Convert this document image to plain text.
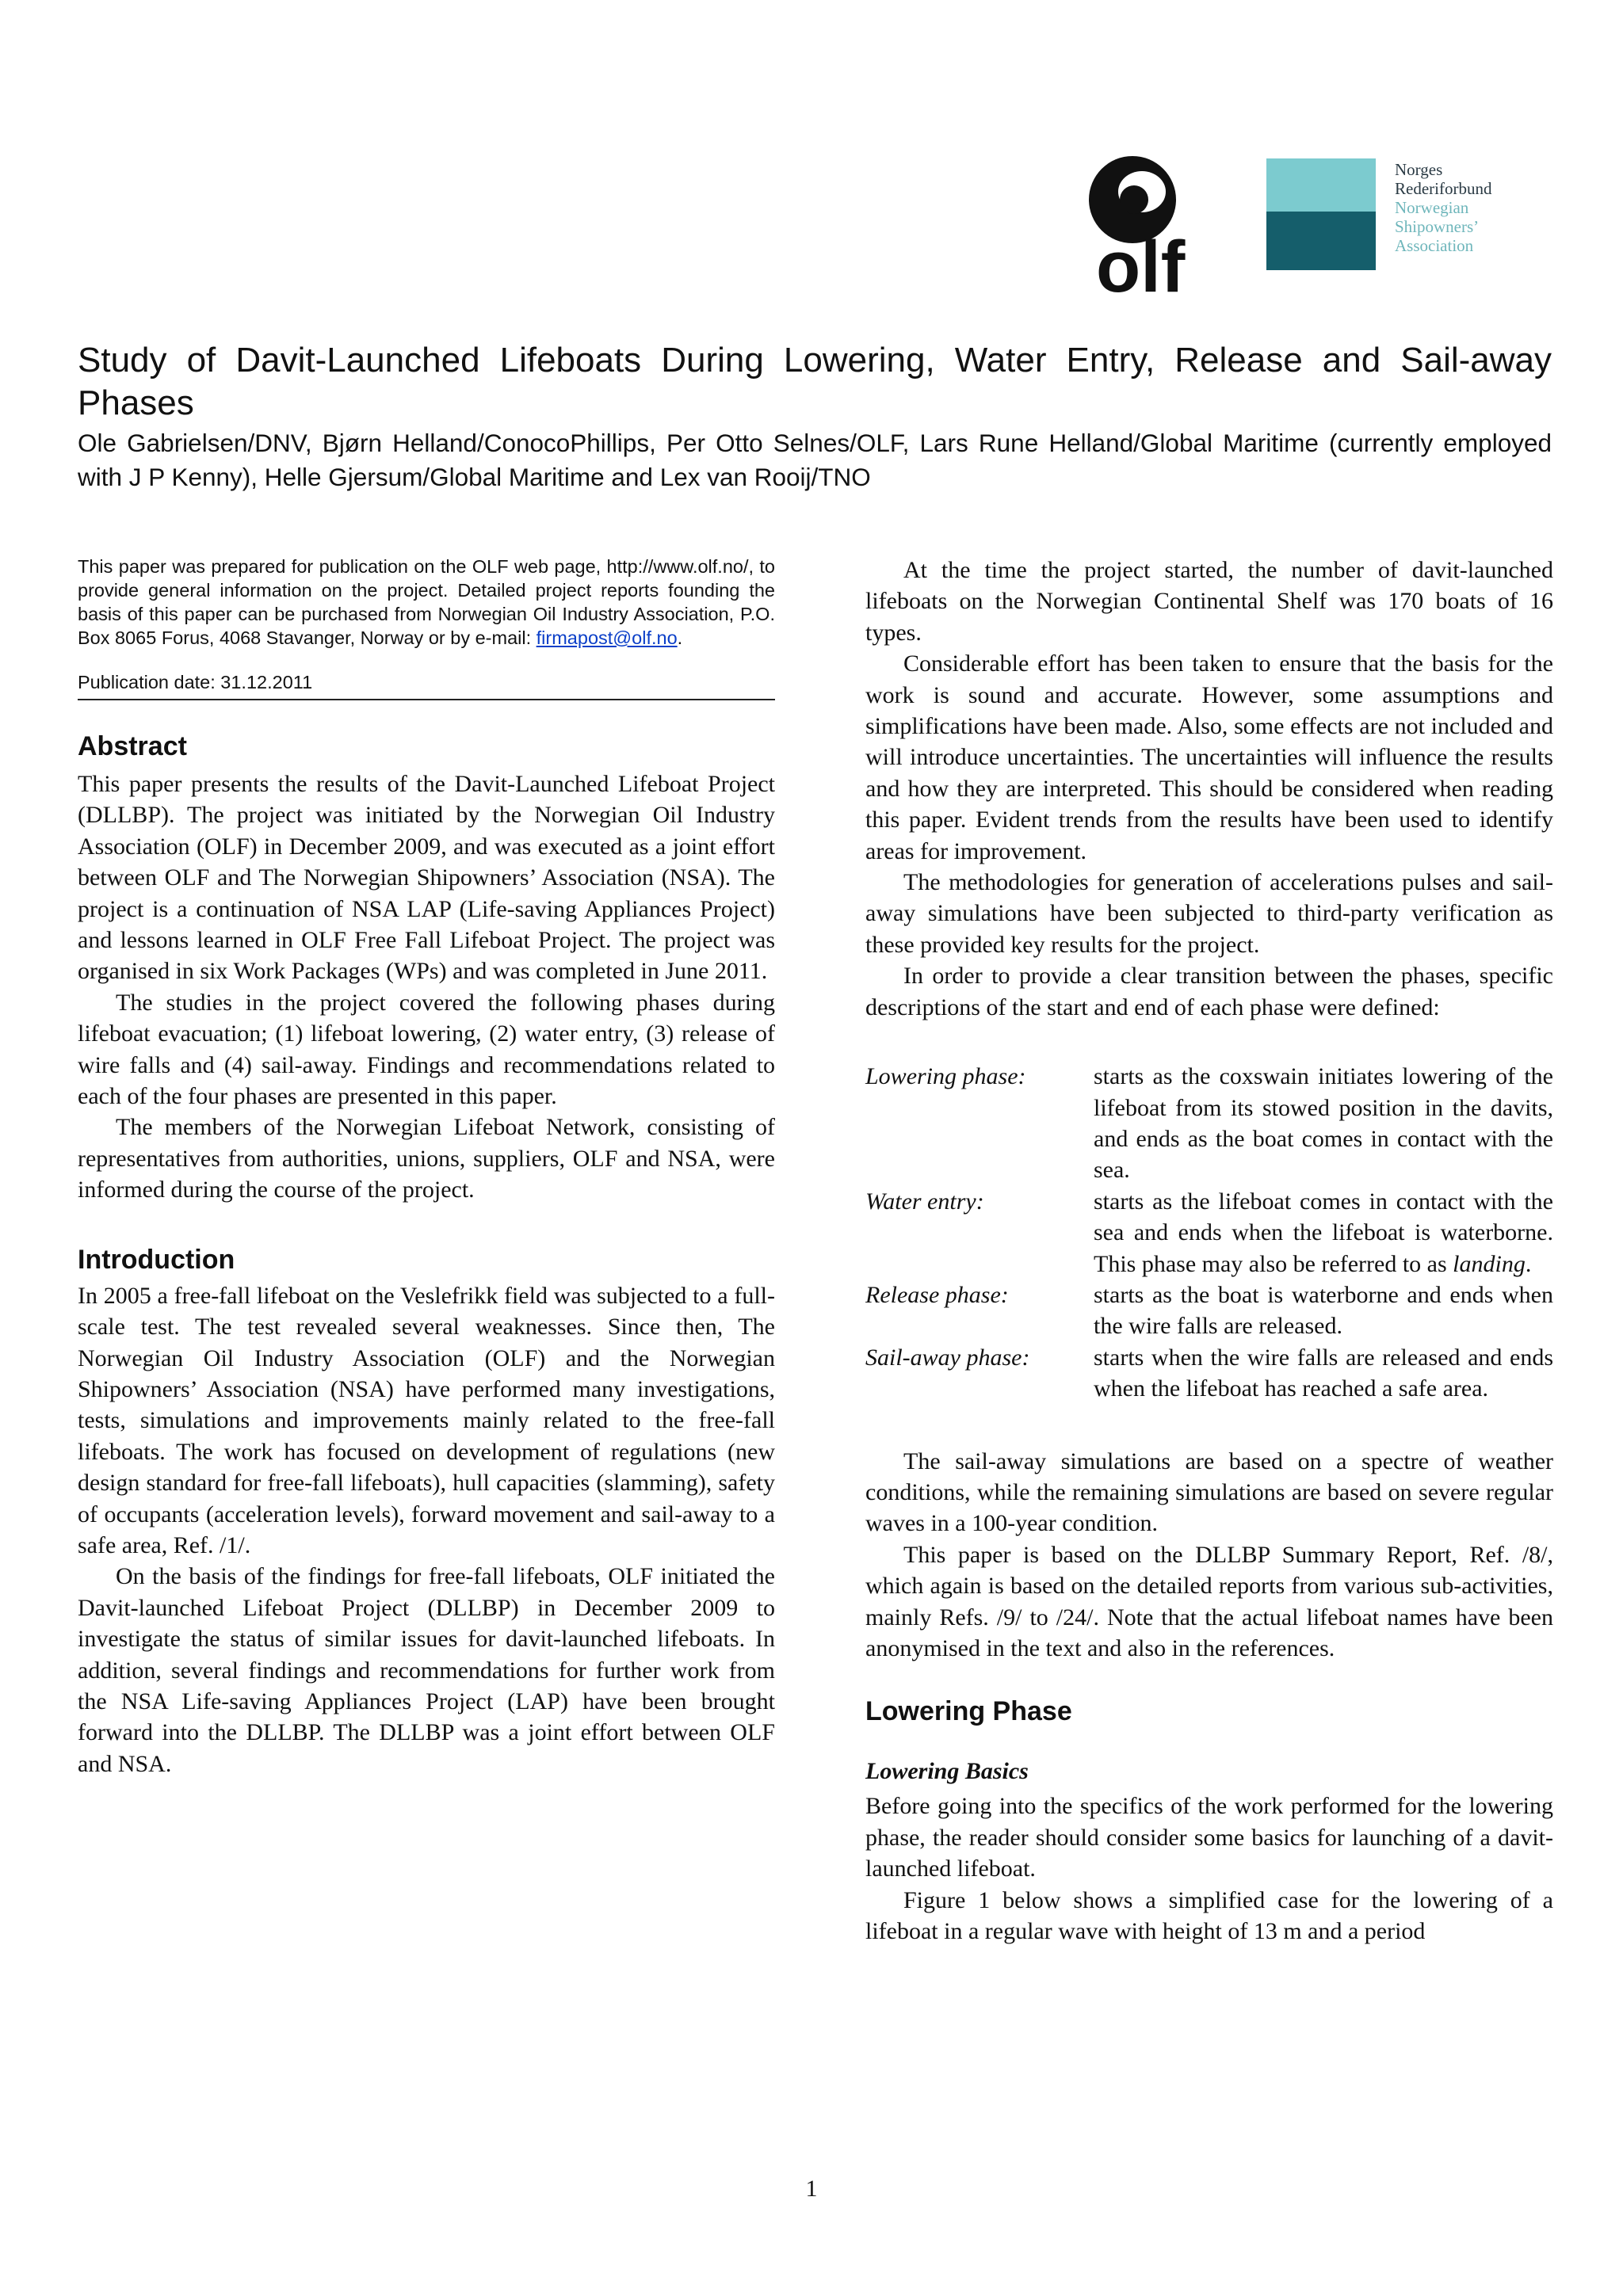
olf
Norges
Rederiforbund
Norwegian
Shipowners’
Association
Study of Davit-Launched Lifeboats During Lowering, Water Entry, Release and Sail-away Phases

Ole Gabrielsen/DNV, Bjørn Helland/ConocoPhillips, Per Otto Selnes/OLF, Lars Rune Helland/Global Maritime (currently employed with J P Kenny), Helle Gjersum/Global Maritime and Lex van Rooij/TNO

This paper was prepared for publication on the OLF web page, http://www.olf.no/, to provide general information on the project. Detailed project reports founding the basis of this paper can be purchased from Norwegian Oil Industry Association, P.O. Box 8065 Forus, 4068 Stavanger, Norway or by e-mail: firmapost@olf.no.

Publication date: 31.12.2011

Abstract

This paper presents the results of the Davit-Launched Lifeboat Project (DLLBP). The project was initiated by the Norwegian Oil Industry Association (OLF) in December 2009, and was executed as a joint effort between OLF and The Norwegian Shipowners’ Association (NSA). The project is a continuation of NSA LAP (Life-saving Appliances Project) and lessons learned in OLF Free Fall Lifeboat Project. The project was organised in six Work Packages (WPs) and was completed in June 2011.

The studies in the project covered the following phases during lifeboat evacuation; (1) lifeboat lowering, (2) water entry, (3) release of wire falls and (4) sail-away. Findings and recommendations related to each of the four phases are presented in this paper.

The members of the Norwegian Lifeboat Network, consisting of representatives from authorities, unions, suppliers, OLF and NSA, were informed during the course of the project.

Introduction

In 2005 a free-fall lifeboat on the Veslefrikk field was subjected to a full-scale test. The test revealed several weaknesses. Since then, The Norwegian Oil Industry Association (OLF) and the Norwegian Shipowners’ Association (NSA) have performed many investigations, tests, simulations and improvements mainly related to the free-fall lifeboats. The work has focused on development of regulations (new design standard for free-fall lifeboats), hull capacities (slamming), safety of occupants (acceleration levels), forward movement and sail-away to a safe area, Ref. /1/.

On the basis of the findings for free-fall lifeboats, OLF initiated the Davit-launched Lifeboat Project (DLLBP) in December 2009 to investigate the status of similar issues for davit-launched lifeboats. In addition, several findings and recommendations for further work from the NSA Life-saving Appliances Project (LAP) have been brought forward into the DLLBP. The DLLBP was a joint effort between OLF and NSA.

At the time the project started, the number of davit-launched lifeboats on the Norwegian Continental Shelf was 170 boats of 16 types.

Considerable effort has been taken to ensure that the basis for the work is sound and accurate. However, some assumptions and simplifications have been made. Also, some effects are not included and will introduce uncertainties. The uncertainties will influence the results and how they are interpreted. This should be considered when reading this paper. Evident trends from the results have been used to identify areas for improvement.

The methodologies for generation of accelerations pulses and sail-away simulations have been subjected to third-party verification as these provided key results for the project.

In order to provide a clear transition between the phases, specific descriptions of the start and end of each phase were defined:

Lowering phase:	starts as the coxswain initiates lowering of the lifeboat from its stowed position in the davits, and ends as the boat comes in contact with the sea.
Water entry:	starts as the lifeboat comes in contact with the sea and ends when the lifeboat is waterborne. This phase may also be referred to as landing.
Release phase:	starts as the boat is waterborne and ends when the wire falls are released.
Sail-away phase:	starts when the wire falls are released and ends when the lifeboat has reached a safe area.

The sail-away simulations are based on a spectre of weather conditions, while the remaining simulations are based on severe regular waves in a 100-year condition.

This paper is based on the DLLBP Summary Report, Ref. /8/, which again is based on the detailed reports from various sub-activities, mainly Refs. /9/ to /24/. Note that the actual lifeboat names have been anonymised in the text and also in the references.

Lowering Phase
Lowering Basics

Before going into the specifics of the work performed for the lowering phase, the reader should consider some basics for launching of a davit-launched lifeboat.

Figure 1 below shows a simplified case for the lowering of a lifeboat in a regular wave with height of 13 m and a period

1
